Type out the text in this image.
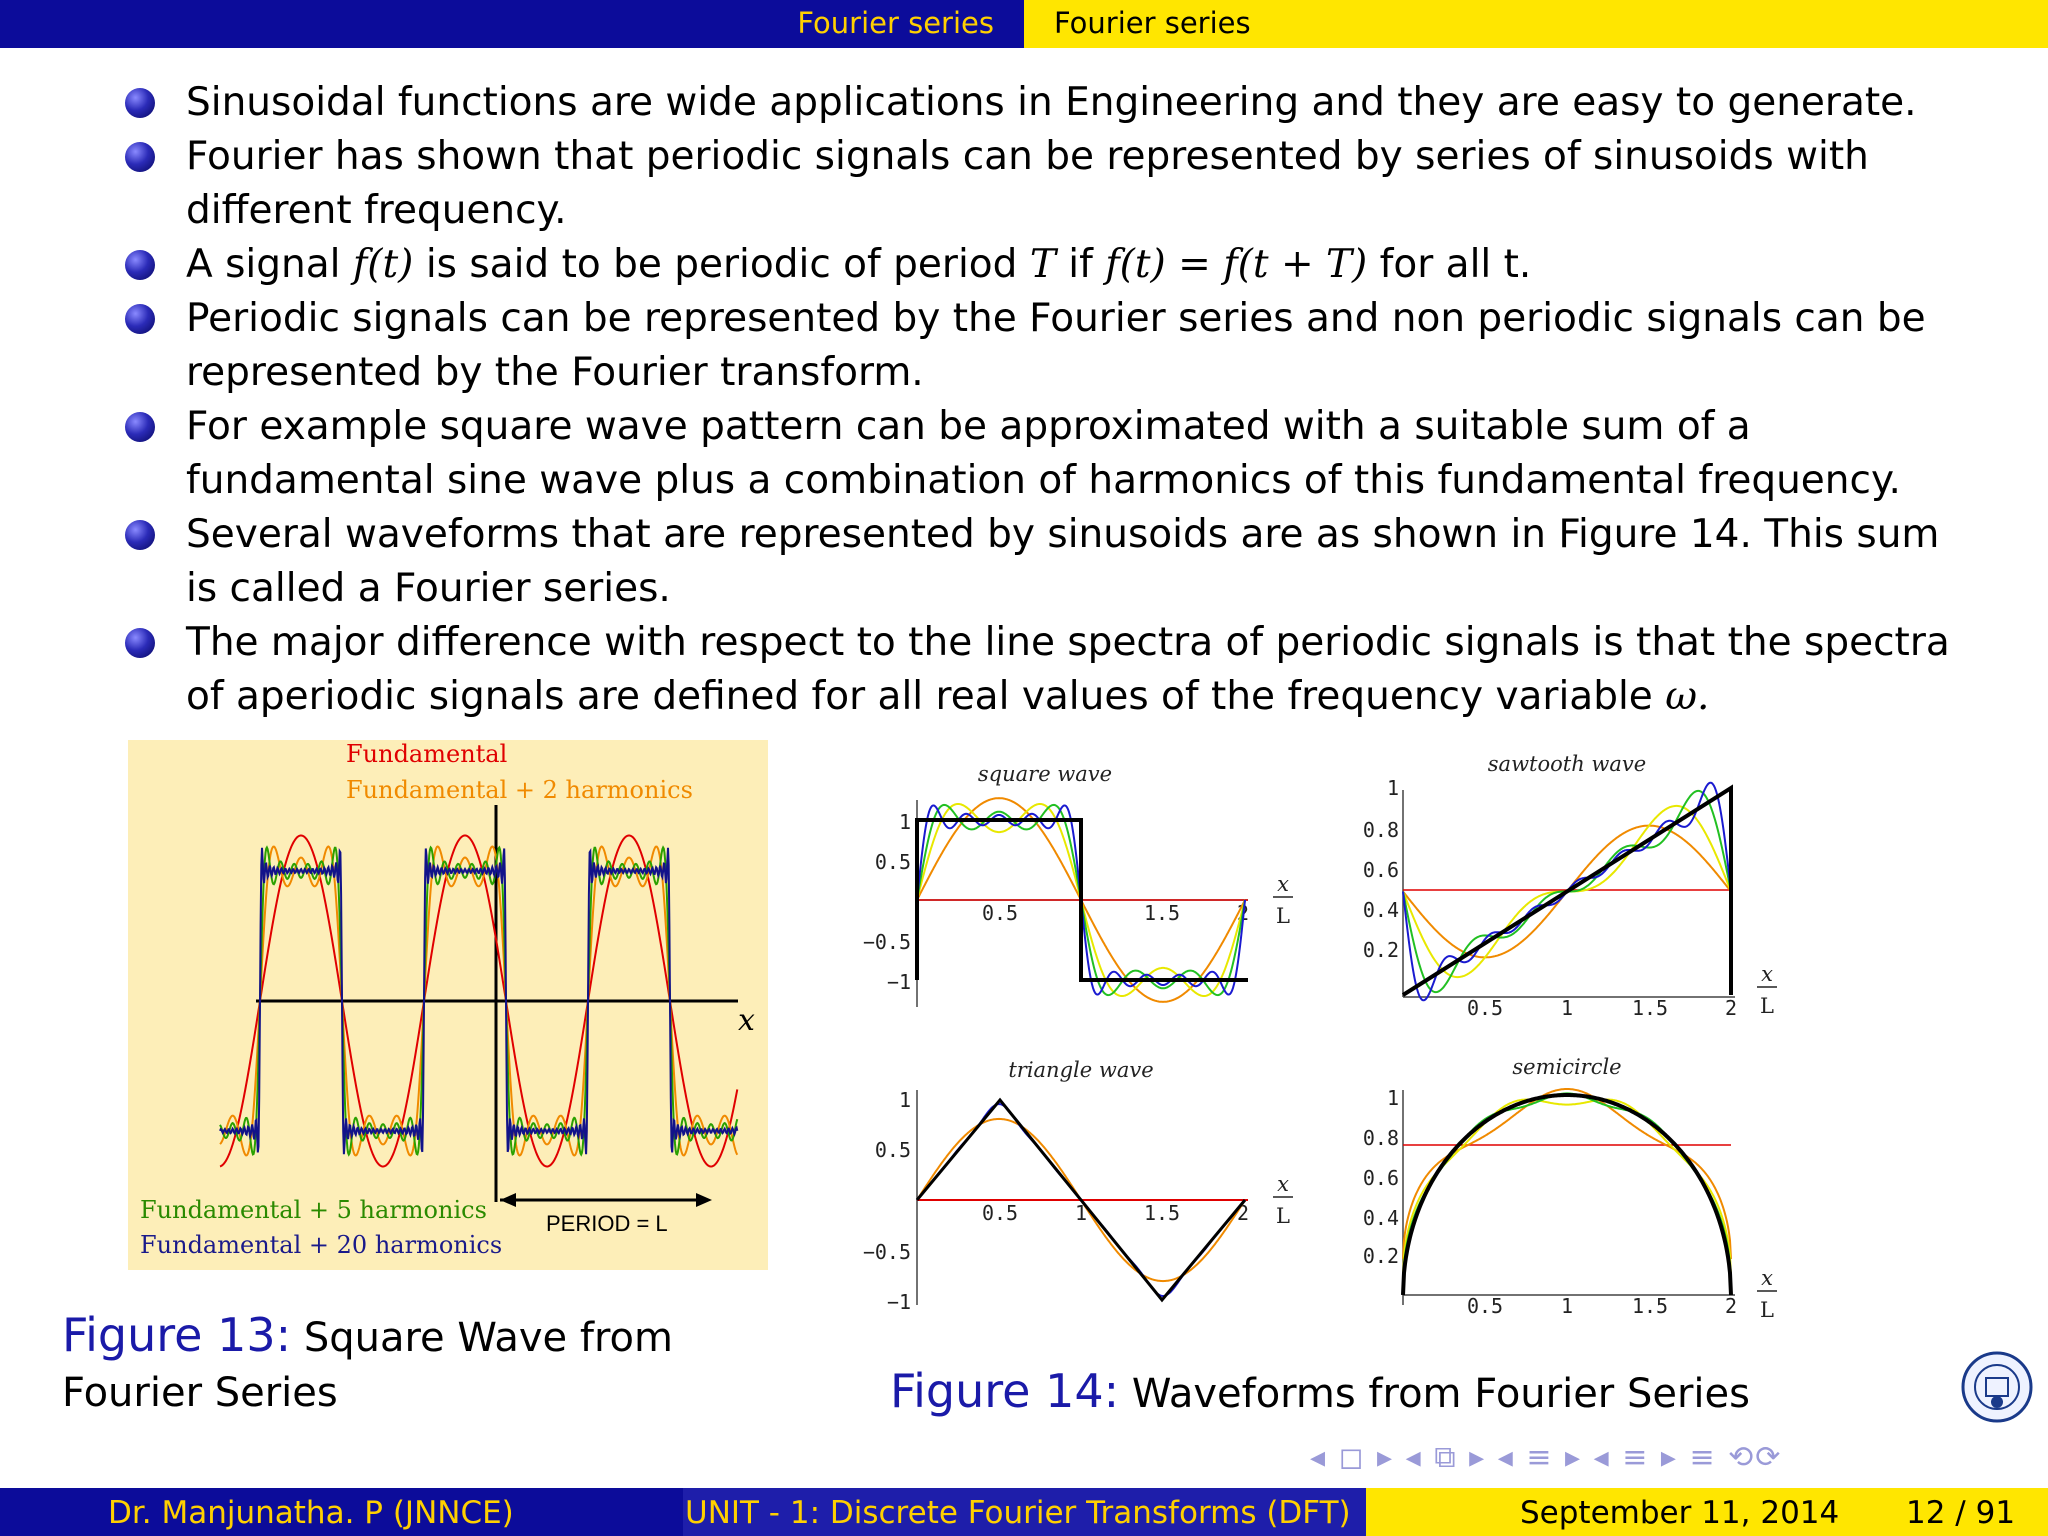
Fourier series Fourier series
Sinusoidal functions are wide applications in Engineering and they are easy to generate.
Fourier has shown that periodic signals can be represented by series of sinusoids with
different frequency.
A signal f(t) is said to be periodic of period T if f(t) = f(t + T) for all t.
Periodic signals can be represented by the Fourier series and non periodic signals can be
represented by the Fourier transform.
For example square wave pattern can be approximated with a suitable sum of a
fundamental sine wave plus a combination of harmonics of this fundamental frequency.
Several waveforms that are represented by sinusoids are as shown in Figure 14. This sum
is called a Fourier series.
The major difference with respect to the line spectra of periodic signals is that the spectra
of aperiodic signals are defined for all real values of the frequency variable ω.
Fundamental
Fundamental + 2 harmonics
Fundamental + 5 harmonics
Fundamental + 20 harmonics
x
PERIOD = L
Figure 13: Square Wave from
Fourier Series
square wave
1
0.5
−0.5
−1
0.5	1.5	2
x
L
sawtooth wave
1
0.8
0.6
0.4
0.2
0.5	1	1.5	2
x
L
triangle wave
1
0.5
−0.5
−1
0.5	1	1.5	2
x
L
semicircle
1
0.8
0.6
0.4
0.2
0.5	1	1.5	2
x
L
Figure 14: Waveforms from Fourier Series
◂ ◻ ▸ ◂ ⧉ ▸ ◂ ≡ ▸ ◂ ≡ ▸ ≡ ⟲⟳
Dr. Manjunatha. P (JNNCE)	UNIT - 1: Discrete Fourier Transforms (DFT)	September 11, 2014 12 / 91
